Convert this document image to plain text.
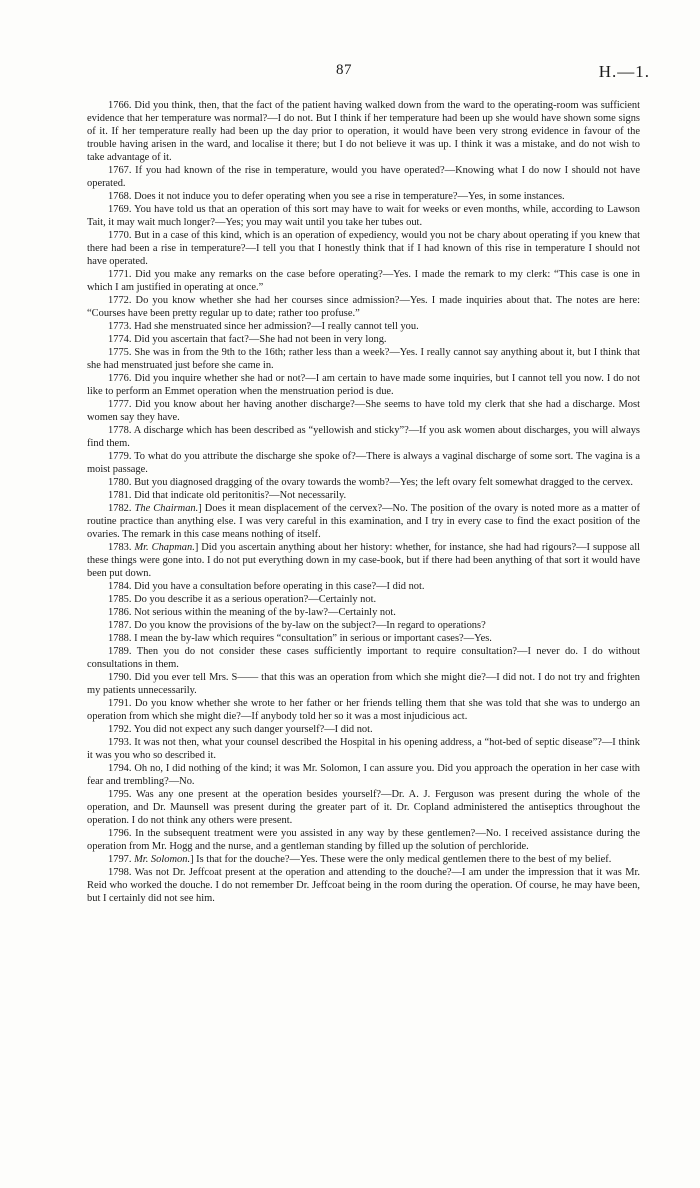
87	H.—1.

1766. Did you think, then, that the fact of the patient having walked down from the ward to the operating-room was sufficient evidence that her temperature was normal?—I do not. But I think if her temperature had been up she would have shown some signs of it. If her temperature really had been up the day prior to operation, it would have been very strong evidence in favour of the trouble having arisen in the ward, and localise it there; but I do not believe it was up. I think it was a mistake, and do not wish to take advantage of it.

1767. If you had known of the rise in temperature, would you have operated?—Knowing what I do now I should not have operated.

1768. Does it not induce you to defer operating when you see a rise in temperature?—Yes, in some instances.

1769. You have told us that an operation of this sort may have to wait for weeks or even months, while, according to Lawson Tait, it may wait much longer?—Yes; you may wait until you take her tubes out.

1770. But in a case of this kind, which is an operation of expediency, would you not be chary about operating if you knew that there had been a rise in temperature?—I tell you that I honestly think that if I had known of this rise in temperature I should not have operated.

1771. Did you make any remarks on the case before operating?—Yes. I made the remark to my clerk: “This case is one in which I am justified in operating at once.”

1772. Do you know whether she had her courses since admission?—Yes. I made inquiries about that. The notes are here: “Courses have been pretty regular up to date; rather too profuse.”

1773. Had she menstruated since her admission?—I really cannot tell you.

1774. Did you ascertain that fact?—She had not been in very long.

1775. She was in from the 9th to the 16th; rather less than a week?—Yes. I really cannot say anything about it, but I think that she had menstruated just before she came in.

1776. Did you inquire whether she had or not?—I am certain to have made some inquiries, but I cannot tell you now. I do not like to perform an Emmet operation when the menstruation period is due.

1777. Did you know about her having another discharge?—She seems to have told my clerk that she had a discharge. Most women say they have.

1778. A discharge which has been described as “yellowish and sticky”?—If you ask women about discharges, you will always find them.

1779. To what do you attribute the discharge she spoke of?—There is always a vaginal discharge of some sort. The vagina is a moist passage.

1780. But you diagnosed dragging of the ovary towards the womb?—Yes; the left ovary felt somewhat dragged to the cervex.

1781. Did that indicate old peritonitis?—Not necessarily.

1782. The Chairman.] Does it mean displacement of the cervex?—No. The position of the ovary is noted more as a matter of routine practice than anything else. I was very careful in this examination, and I try in every case to find the exact position of the ovaries. The remark in this case means nothing of itself.

1783. Mr. Chapman.] Did you ascertain anything about her history: whether, for instance, she had had rigours?—I suppose all these things were gone into. I do not put everything down in my case-book, but if there had been anything of that sort it would have been put down.

1784. Did you have a consultation before operating in this case?—I did not.

1785. Do you describe it as a serious operation?—Certainly not.

1786. Not serious within the meaning of the by-law?—Certainly not.

1787. Do you know the provisions of the by-law on the subject?—In regard to operations?

1788. I mean the by-law which requires “consultation” in serious or important cases?—Yes.

1789. Then you do not consider these cases sufficiently important to require consultation?—I never do. I do without consultations in them.

1790. Did you ever tell Mrs. S—— that this was an operation from which she might die?—I did not. I do not try and frighten my patients unnecessarily.

1791. Do you know whether she wrote to her father or her friends telling them that she was told that she was to undergo an operation from which she might die?—If anybody told her so it was a most injudicious act.

1792. You did not expect any such danger yourself?—I did not.

1793. It was not then, what your counsel described the Hospital in his opening address, a “hot-bed of septic disease”?—I think it was you who so described it.

1794. Oh no, I did nothing of the kind; it was Mr. Solomon, I can assure you. Did you approach the operation in her case with fear and trembling?—No.

1795. Was any one present at the operation besides yourself?—Dr. A. J. Ferguson was present during the whole of the operation, and Dr. Maunsell was present during the greater part of it. Dr. Copland administered the antiseptics throughout the operation. I do not think any others were present.

1796. In the subsequent treatment were you assisted in any way by these gentlemen?—No. I received assistance during the operation from Mr. Hogg and the nurse, and a gentleman standing by filled up the solution of perchloride.

1797. Mr. Solomon.] Is that for the douche?—Yes. These were the only medical gentlemen there to the best of my belief.

1798. Was not Dr. Jeffcoat present at the operation and attending to the douche?—I am under the impression that it was Mr. Reid who worked the douche. I do not remember Dr. Jeffcoat being in the room during the operation. Of course, he may have been, but I certainly did not see him.
